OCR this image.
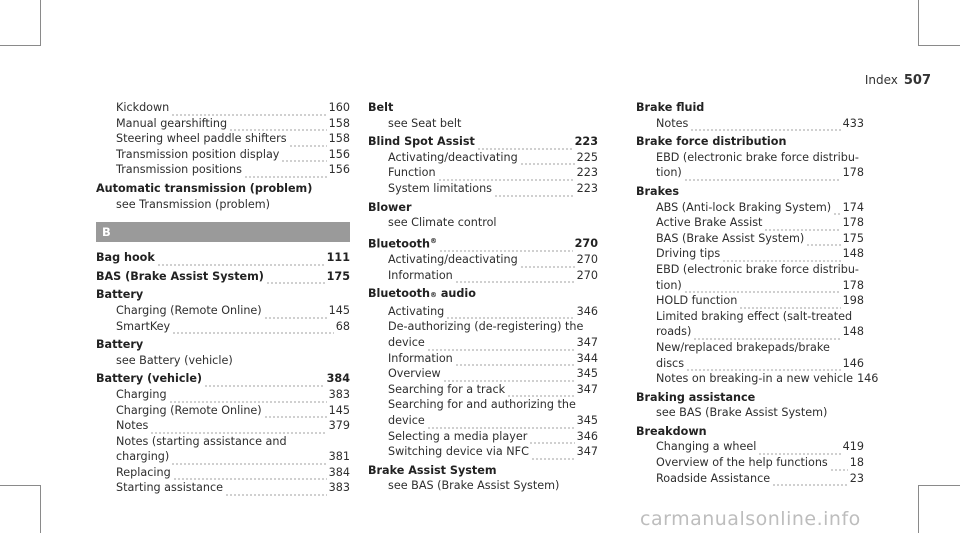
Index 507
Kickdown	160
Manual gearshifting	158
Steering wheel paddle shifters	158
Transmission position display	156
Transmission positions	156
Automatic transmission (problem)
see Transmission (problem)
B
Bag hook	111
BAS (Brake Assist System)	175
Battery
Charging (Remote Online)	145
SmartKey	68
Battery
see Battery (vehicle)
Battery (vehicle)	384
Charging	383
Charging (Remote Online)	145
Notes	379
Notes (starting assistance and
charging)	381
Replacing	384
Starting assistance	383
Belt
see Seat belt
Blind Spot Assist	223
Activating/deactivating	225
Function	223
System limitations	223
Blower
see Climate control
Bluetooth®	270
Activating/deactivating	270
Information	270
Bluetooth ® audio
Activating	346
De-authorizing (de-registering) the
device	347
Information	344
Overview	345
Searching for a track	347
Searching for and authorizing the
device	345
Selecting a media player	346
Switching device via NFC	347
Brake Assist System
see BAS (Brake Assist System)
Brake fluid
Notes	433
Brake force distribution
EBD (electronic brake force distribu-
tion)	178
Brakes
ABS (Anti-lock Braking System) 174
Active Brake Assist	178
BAS (Brake Assist System)	175
Driving tips	148
EBD (electronic brake force distribu-
tion)	178
HOLD function	198
Limited braking effect (salt-treated
roads)	148
New/replaced brakepads/brake
discs	146
Notes on breaking-in a new vehicle 146
Braking assistance
see BAS (Brake Assist System)
Breakdown
Changing a wheel	419
Overview of the help functions 18
Roadside Assistance	23
carmanualsonline.info
